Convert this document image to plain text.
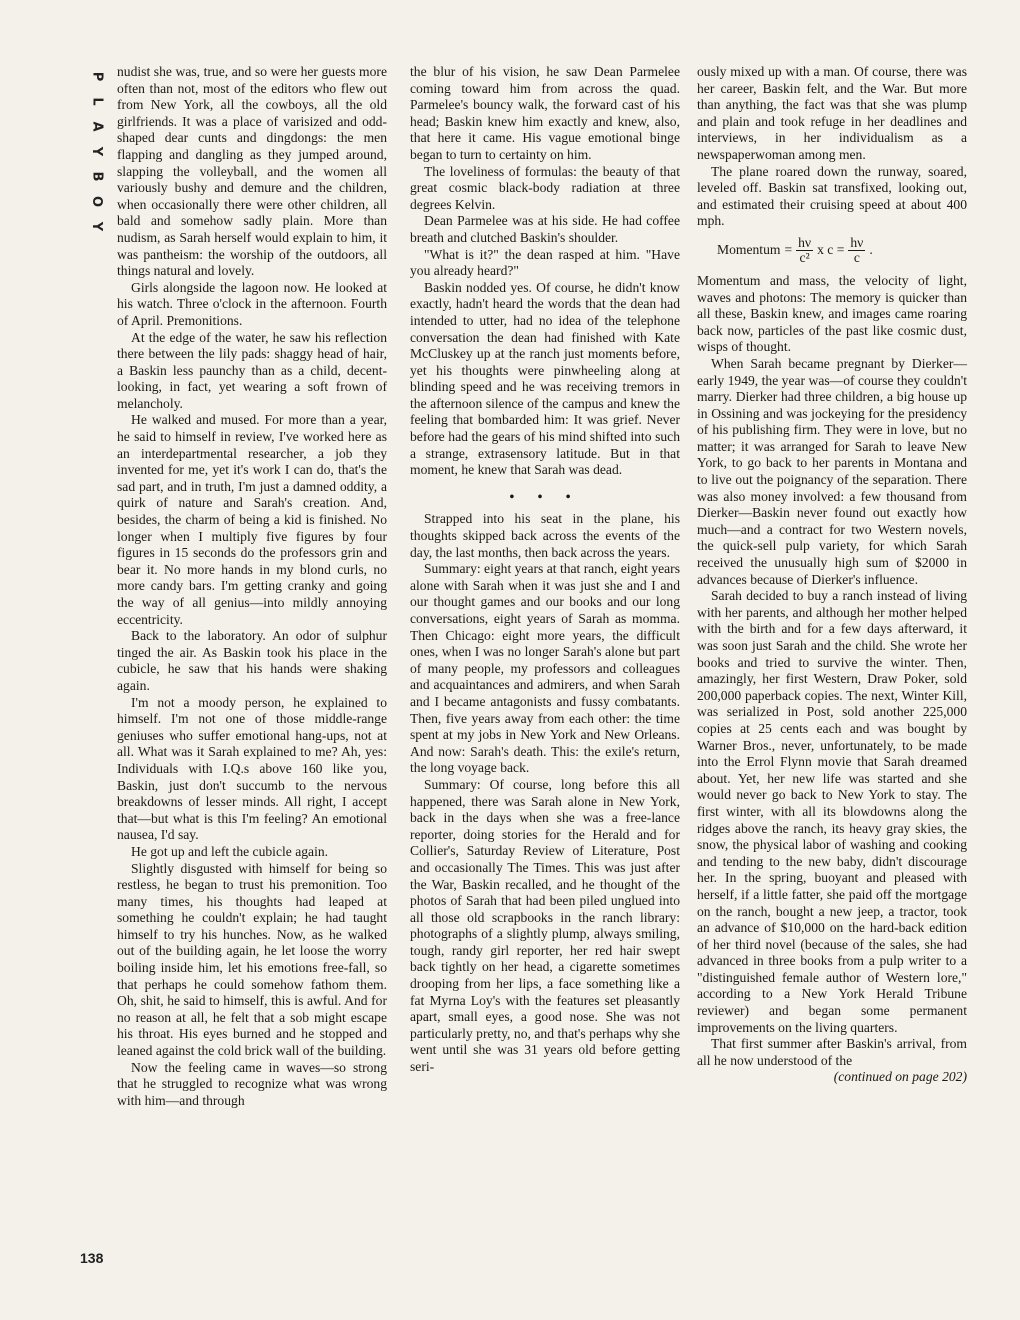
P
L
A
Y
B
O
Y
138

nudist she was, true, and so were her guests more often than not, most of the editors who flew out from New York, all the cowboys, all the old girlfriends. It was a place of varisized and odd-shaped dear cunts and dingdongs: the men flapping and dangling as they jumped around, slapping the volleyball, and the women all variously bushy and demure and the children, when occasionally there were other children, all bald and somehow sadly plain. More than nudism, as Sarah herself would explain to him, it was pantheism: the worship of the outdoors, all things natural and lovely.

Girls alongside the lagoon now. He looked at his watch. Three o'clock in the afternoon. Fourth of April. Premonitions.

At the edge of the water, he saw his reflection there between the lily pads: shaggy head of hair, a Baskin less paunchy than as a child, decent-looking, in fact, yet wearing a soft frown of melancholy.

He walked and mused. For more than a year, he said to himself in review, I've worked here as an interdepartmental researcher, a job they invented for me, yet it's work I can do, that's the sad part, and in truth, I'm just a damned oddity, a quirk of nature and Sarah's creation. And, besides, the charm of being a kid is finished. No longer when I multiply five figures by four figures in 15 seconds do the professors grin and bear it. No more hands in my blond curls, no more candy bars. I'm getting cranky and going the way of all genius—into mildly annoying eccentricity.

Back to the laboratory. An odor of sulphur tinged the air. As Baskin took his place in the cubicle, he saw that his hands were shaking again.

I'm not a moody person, he explained to himself. I'm not one of those middle-range geniuses who suffer emotional hang-ups, not at all. What was it Sarah explained to me? Ah, yes: Individuals with I.Q.s above 160 like you, Baskin, just don't succumb to the nervous breakdowns of lesser minds. All right, I accept that—but what is this I'm feeling? An emotional nausea, I'd say.

He got up and left the cubicle again.

Slightly disgusted with himself for being so restless, he began to trust his premonition. Too many times, his thoughts had leaped at something he couldn't explain; he had taught himself to try his hunches. Now, as he walked out of the building again, he let loose the worry boiling inside him, let his emotions free-fall, so that perhaps he could somehow fathom them. Oh, shit, he said to himself, this is awful. And for no reason at all, he felt that a sob might escape his throat. His eyes burned and he stopped and leaned against the cold brick wall of the building.

Now the feeling came in waves—so strong that he struggled to recognize what was wrong with him—and through

the blur of his vision, he saw Dean Parmelee coming toward him from across the quad. Parmelee's bouncy walk, the forward cast of his head; Baskin knew him exactly and knew, also, that here it came. His vague emotional binge began to turn to certainty on him.

The loveliness of formulas: the beauty of that great cosmic black-body radiation at three degrees Kelvin.

Dean Parmelee was at his side. He had coffee breath and clutched Baskin's shoulder.

"What is it?" the dean rasped at him. "Have you already heard?"

Baskin nodded yes. Of course, he didn't know exactly, hadn't heard the words that the dean had intended to utter, had no idea of the telephone conversation the dean had finished with Kate McCluskey up at the ranch just moments before, yet his thoughts were pinwheeling along at blinding speed and he was receiving tremors in the afternoon silence of the campus and knew the feeling that bombarded him: It was grief. Never before had the gears of his mind shifted into such a strange, extrasensory latitude. But in that moment, he knew that Sarah was dead.

• • •

Strapped into his seat in the plane, his thoughts skipped back across the events of the day, the last months, then back across the years.

Summary: eight years at that ranch, eight years alone with Sarah when it was just she and I and our thought games and our books and our long conversations, eight years of Sarah as momma. Then Chicago: eight more years, the difficult ones, when I was no longer Sarah's alone but part of many people, my professors and colleagues and acquaintances and admirers, and when Sarah and I became antagonists and fussy combatants. Then, five years away from each other: the time spent at my jobs in New York and New Orleans. And now: Sarah's death. This: the exile's return, the long voyage back.

Summary: Of course, long before this all happened, there was Sarah alone in New York, back in the days when she was a free-lance reporter, doing stories for the Herald and for Collier's, Saturday Review of Literature, Post and occasionally The Times. This was just after the War, Baskin recalled, and he thought of the photos of Sarah that had been piled unglued into all those old scrapbooks in the ranch library: photographs of a slightly plump, always smiling, tough, randy girl reporter, her red hair swept back tightly on her head, a cigarette sometimes drooping from her lips, a face something like a fat Myrna Loy's with the features set pleasantly apart, small eyes, a good nose. She was not particularly pretty, no, and that's perhaps why she went until she was 31 years old before getting seri-

ously mixed up with a man. Of course, there was her career, Baskin felt, and the War. But more than anything, the fact was that she was plump and plain and took refuge in her deadlines and interviews, in her individualism as a newspaperwoman among men.

The plane roared down the runway, soared, leveled off. Baskin sat transfixed, looking out, and estimated their cruising speed at about 400 mph.

Momentum = $\frac{h\nu}{\text{c²}}$ x $c = \frac{h\nu}{c}$ .

Momentum and mass, the velocity of light, waves and photons: The memory is quicker than all these, Baskin knew, and images came roaring back now, particles of the past like cosmic dust, wisps of thought.

When Sarah became pregnant by Dierker—early 1949, the year was—of course they couldn't marry. Dierker had three children, a big house up in Ossining and was jockeying for the presidency of his publishing firm. They were in love, but no matter; it was arranged for Sarah to leave New York, to go back to her parents in Montana and to live out the poignancy of the separation. There was also money involved: a few thousand from Dierker—Baskin never found out exactly how much—and a contract for two Western novels, the quick-sell pulp variety, for which Sarah received the unusually high sum of $2000 in advances because of Dierker's influence.

Sarah decided to buy a ranch instead of living with her parents, and although her mother helped with the birth and for a few days afterward, it was soon just Sarah and the child. She wrote her books and tried to survive the winter. Then, amazingly, her first Western, Draw Poker, sold 200,000 paperback copies. The next, Winter Kill, was serialized in Post, sold another 225,000 copies at 25 cents each and was bought by Warner Bros., never, unfortunately, to be made into the Errol Flynn movie that Sarah dreamed about. Yet, her new life was started and she would never go back to New York to stay. The first winter, with all its blowdowns along the ridges above the ranch, its heavy gray skies, the snow, the physical labor of washing and cooking and tending to the new baby, didn't discourage her. In the spring, buoyant and pleased with herself, if a little fatter, she paid off the mortgage on the ranch, bought a new jeep, a tractor, took an advance of $10,000 on the hard-back edition of her third novel (because of the sales, she had advanced in three books from a pulp writer to a "distinguished female author of Western lore," according to a New York Herald Tribune reviewer) and began some permanent improvements on the living quarters.

That first summer after Baskin's arrival, from all he now understood of the

(continued on page 202)
